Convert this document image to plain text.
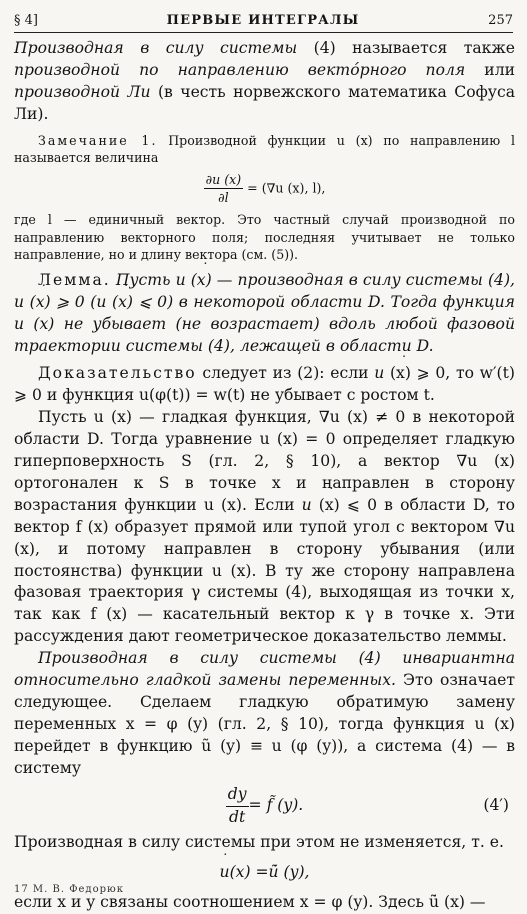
§ 4]	ПЕРВЫЕ ИНТЕГРАЛЫ	257

Производная в силу системы (4) называется также производной по направлению векто́рного поля или производной Ли (в честь норвежского математика Софуса Ли).

Замечание 1. Производной функции u (x) по направлению l называется величина

$\frac{\partial u (x)}{\partial l} = (\nabla u$ (x), l),

где l — единичный вектор. Это частный случай производной по направлению векторного поля; последняя учитывает не только направление, но и длину вектора (см. (5)).

Лемма. Пусть ˙ u (x) — производная в силу системы (4), ˙ u (x) ⩾ 0 (˙ u (x) ⩽ 0) в некоторой области D. Тогда функция u (x) не убывает (не возрастает) вдоль любой фазовой траектории системы (4), лежащей в области D.

Доказательство следует из (2): если ˙ u (x) ⩾ 0, то w′(t) ⩾ 0 и функция u(φ(t)) = w(t) не убывает с ростом t.

Пусть u (x) — гладкая функция, ∇u (x) ≠ 0 в некоторой области D. Тогда уравнение u (x) = 0 определяет гладкую гиперповерхность S (гл. 2, § 10), а вектор ∇u (x) ортогонален к S в точке x и направлен в сторону возрастания функции u (x). Если ˙ u (x) ⩽ 0 в области D, то вектор f (x) образует прямой или тупой угол с вектором ∇u (x), и потому направлен в сторону убывания (или постоянства) функции u (x). В ту же сторону направлена фазовая траектория γ системы (4), выходящая из точки x, так как f (x) — касательный вектор к γ в точке x. Эти рассуждения дают геометрическое доказательство леммы.

Производная в силу системы (4) инвариантна относительно гладкой замены переменных. Это означает следующее. Сделаем гладкую обратимую замену переменных x = φ (y) (гл. 2, § 10), тогда функция u (x) перейдет в функцию ũ (y) ≡ u (φ (y)), а система (4) — в систему

$\frac{dy}{dt}$ = f̃ (y).	(4′)

Производная в силу системы при этом не изменяется, т. е.

˙ u (x) = ũ̇ (y),

если x и y связаны соотношением x = φ (y). Здесь ũ̇ (x) —

17 М. В. Федорюк
